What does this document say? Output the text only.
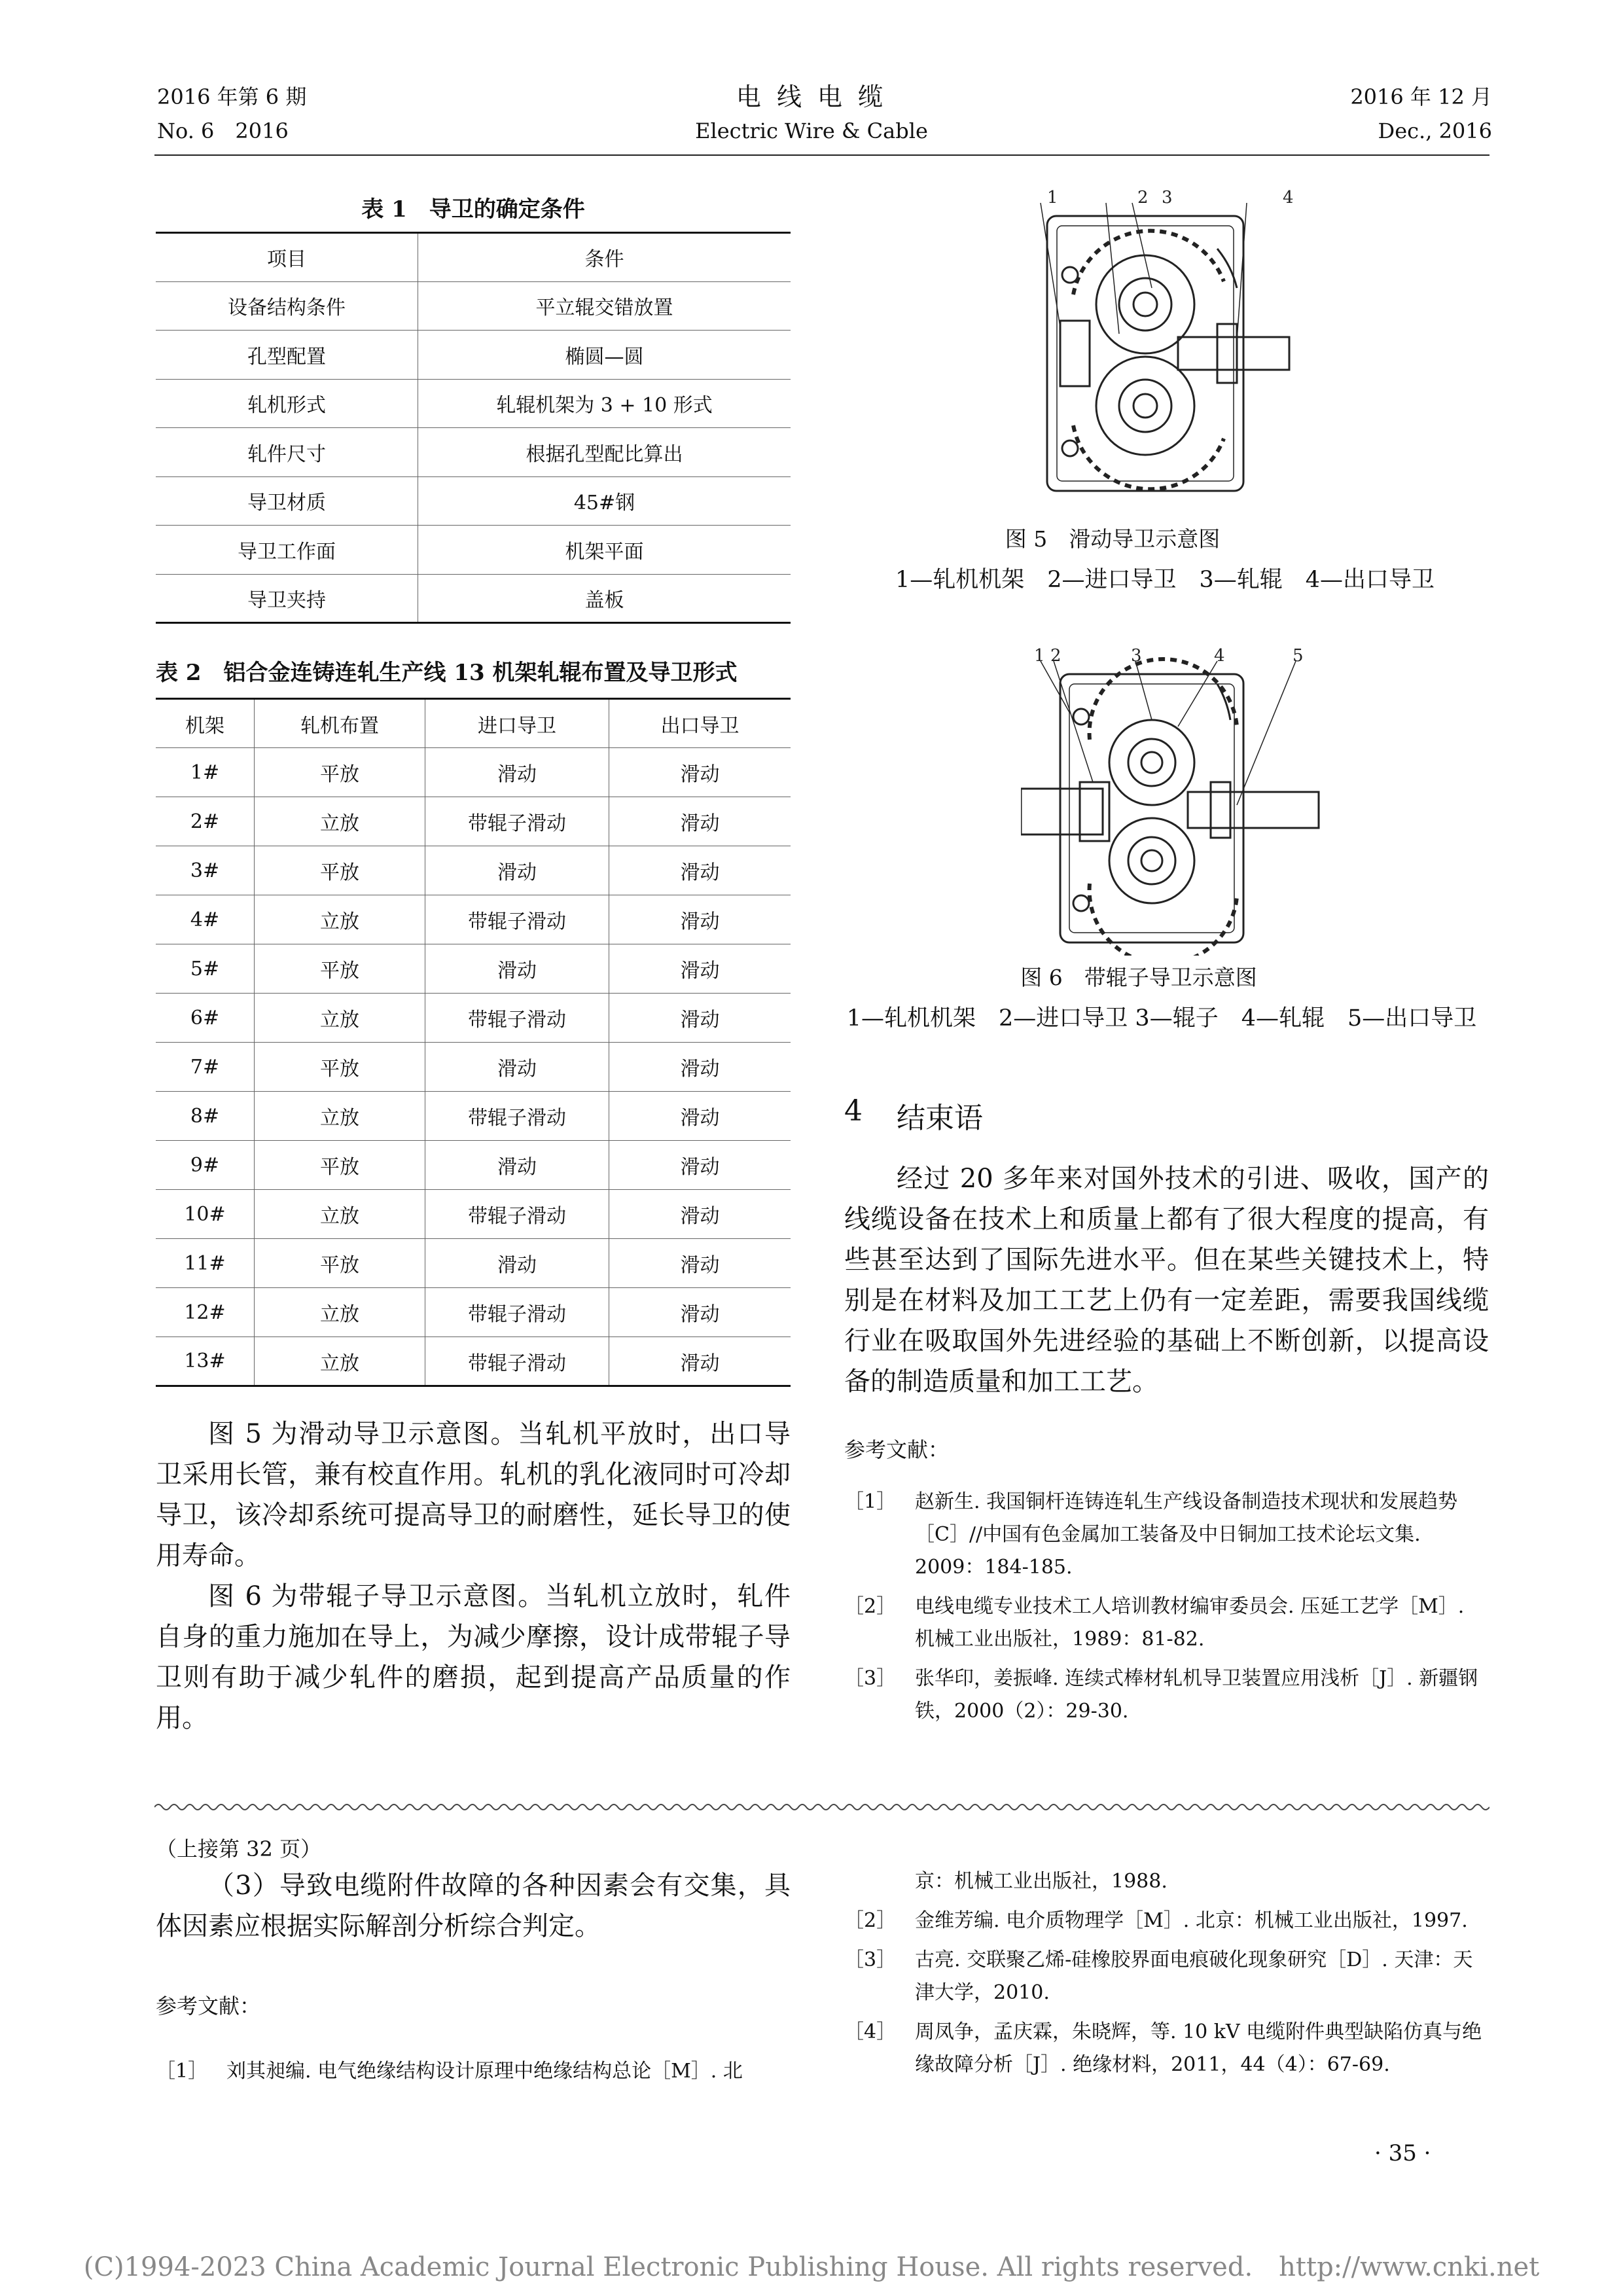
2016 年第 6 期
No. 6　2016
电 线 电 缆
Electric Wire & Cable
2016 年 12 月
Dec., 2016
表 1　导卫的确定条件
项目	条件
设备结构条件	平立辊交错放置
孔型配置	椭圆—圆
轧机形式	轧辊机架为 3 + 10 形式
轧件尺寸	根据孔型配比算出
导卫材质	45#钢
导卫工作面	机架平面
导卫夹持	盖板
表 2　铝合金连铸连轧生产线 13 机架轧辊布置及导卫形式
机架	轧机布置	进口导卫	出口导卫
1#	平放	滑动	滑动
2#	立放	带辊子滑动	滑动
3#	平放	滑动	滑动
4#	立放	带辊子滑动	滑动
5#	平放	滑动	滑动
6#	立放	带辊子滑动	滑动
7#	平放	滑动	滑动
8#	立放	带辊子滑动	滑动
9#	平放	滑动	滑动
10#	立放	带辊子滑动	滑动
11#	平放	滑动	滑动
12#	立放	带辊子滑动	滑动
13#	立放	带辊子滑动	滑动
图 5 为滑动导卫示意图。当轧机平放时，出口导卫采用长管，兼有校直作用。轧机的乳化液同时可冷却导卫，该冷却系统可提高导卫的耐磨性，延长导卫的使用寿命。
图 6 为带辊子导卫示意图。当轧机立放时，轧件自身的重力施加在导上，为减少摩擦，设计成带辊子导卫则有助于减少轧件的磨损，起到提高产品质量的作用。
1	2 3	4
图 5　滑动导卫示意图
1—轧机机架　2—进口导卫　3—轧辊　4—出口导卫
1 2	3	4	5
图 6　带辊子导卫示意图
1—轧机机架　2—进口导卫 3—辊子　4—轧辊　5—出口导卫
4 结束语
经过 20 多年来对国外技术的引进、吸收，国产的线缆设备在技术上和质量上都有了很大程度的提高，有些甚至达到了国际先进水平。但在某些关键技术上，特别是在材料及加工工艺上仍有一定差距，需要我国线缆行业在吸取国外先进经验的基础上不断创新，以提高设备的制造质量和加工工艺。
参考文献：
［1］ 赵新生. 我国铜杆连铸连轧生产线设备制造技术现状和发展趋势［C］//中国有色金属加工装备及中日铜加工技术论坛文集. 2009：184-185.
［2］ 电线电缆专业技术工人培训教材编审委员会. 压延工艺学［M］. 机械工业出版社，1989：81-82.
［3］ 张华印，姜振峰. 连续式棒材轧机导卫装置应用浅析［J］. 新疆钢铁，2000（2）：29-30.
（上接第 32 页）
（3）导致电缆附件故障的各种因素会有交集，具体因素应根据实际解剖分析综合判定。
参考文献：
［1］ 刘其昶编. 电气绝缘结构设计原理中绝缘结构总论［M］. 北
京：机械工业出版社，1988.
［2］ 金维芳编. 电介质物理学［M］. 北京：机械工业出版社，1997.
［3］ 古亮. 交联聚乙烯-硅橡胶界面电痕破化现象研究［D］. 天津：天津大学，2010.
［4］ 周凤争，孟庆霖，朱晓辉，等. 10 kV 电缆附件典型缺陷仿真与绝缘故障分析［J］. 绝缘材料，2011，44（4）：67-69.
· 35 ·
(C)1994-2023 China Academic Journal Electronic Publishing House. All rights reserved.　http://www.cnki.net
